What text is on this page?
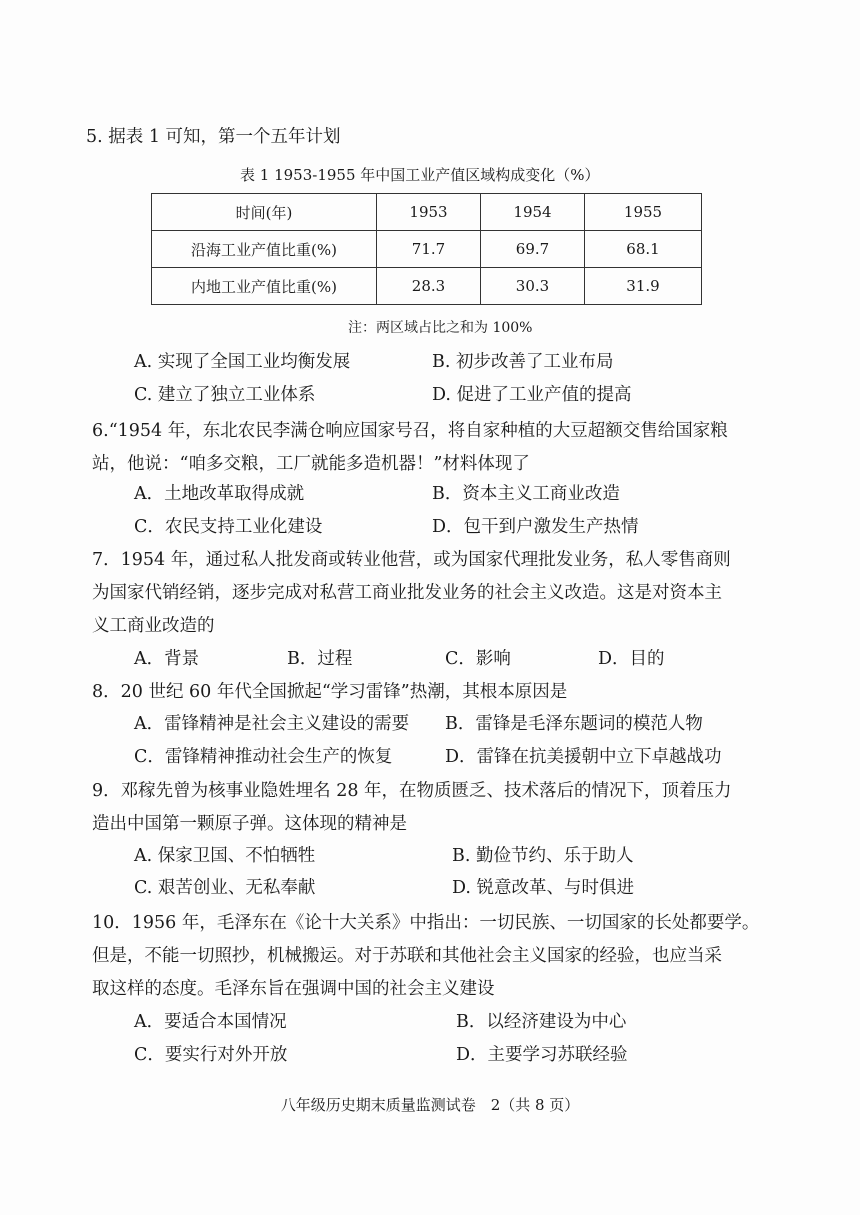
5. 据表 1 可知，第一个五年计划
表 1 1953-1955 年中国工业产值区域构成变化（%）
时间(年)	1953	1954	1955
沿海工业产值比重(%)	71.7	69.7	68.1
内地工业产值比重(%)	28.3	30.3	31.9
注：两区域占比之和为 100%
A. 实现了全国工业均衡发展	B. 初步改善了工业布局
C. 建立了独立工业体系	D. 促进了工业产值的提高
6.“1954 年，东北农民李满仓响应国家号召，将自家种植的大豆超额交售给国家粮
站，他说：“咱多交粮，工厂就能多造机器！”材料体现了
A．土地改革取得成就	B．资本主义工商业改造
C．农民支持工业化建设	D．包干到户激发生产热情
7．1954 年，通过私人批发商或转业他营，或为国家代理批发业务，私人零售商则
为国家代销经销，逐步完成对私营工商业批发业务的社会主义改造。这是对资本主
义工商业改造的
A．背景	B．过程	C．影响	D．目的
8．20 世纪 60 年代全国掀起“学习雷锋”热潮，其根本原因是
A．雷锋精神是社会主义建设的需要 B．雷锋是毛泽东题词的模范人物
C．雷锋精神推动社会生产的恢复	D．雷锋在抗美援朝中立下卓越战功
9．邓稼先曾为核事业隐姓埋名 28 年，在物质匮乏、技术落后的情况下，顶着压力
造出中国第一颗原子弹。这体现的精神是
A. 保家卫国、不怕牺牲	B. 勤俭节约、乐于助人
C. 艰苦创业、无私奉献	D. 锐意改革、与时俱进
10．1956 年，毛泽东在《论十大关系》中指出：一切民族、一切国家的长处都要学。
但是，不能一切照抄，机械搬运。对于苏联和其他社会主义国家的经验，也应当采
取这样的态度。毛泽东旨在强调中国的社会主义建设
A．要适合本国情况	B．以经济建设为中心
C．要实行对外开放	D．主要学习苏联经验
八年级历史期末质量监测试卷　2（共 8 页）
